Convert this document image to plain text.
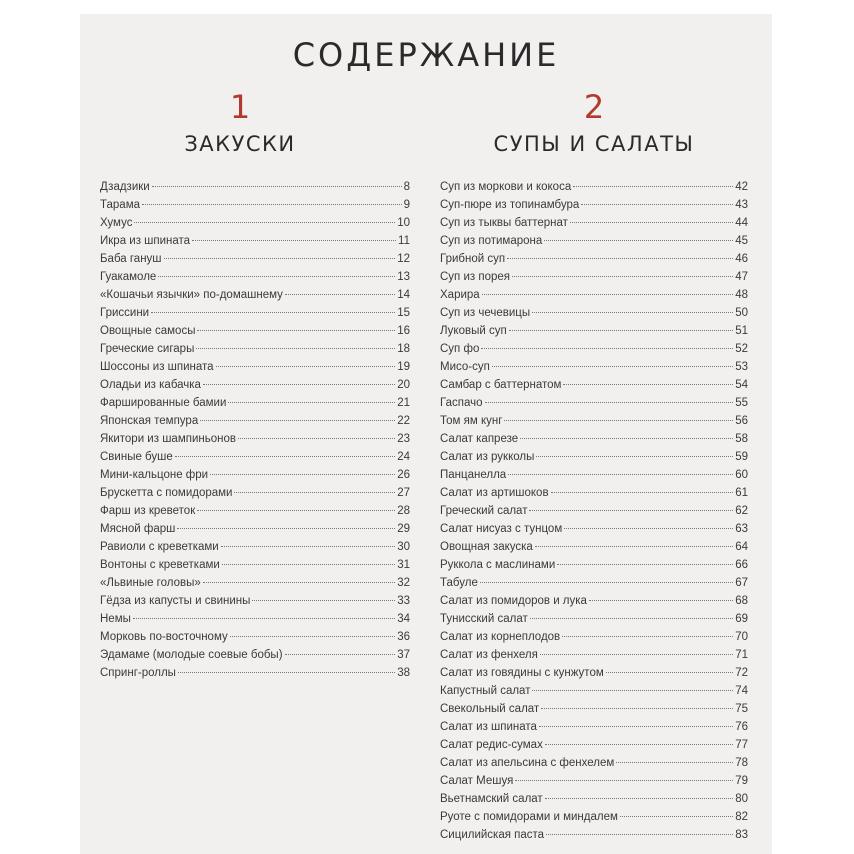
СОДЕРЖАНИЕ
1
ЗАКУСКИ
Дзадзики	8
Тарама	9
Хумус	10
Икра из шпината	11
Баба гануш	12
Гуакамоле	13
«Кошачьи язычки» по-домашнему	14
Гриссини	15
Овощные самосы	16
Греческие сигары	18
Шоссоны из шпината	19
Оладьи из кабачка	20
Фаршированные бамии	21
Японская темпура	22
Якитори из шампиньонов	23
Свиные буше	24
Мини-кальцоне фри	26
Брускетта с помидорами	27
Фарш из креветок	28
Мясной фарш	29
Равиоли с креветками	30
Вонтоны с креветками	31
«Львиные головы»	32
Гёдза из капусты и свинины	33
Немы	34
Морковь по-восточному	36
Эдамаме (молодые соевые бобы)	37
Спринг-роллы	38
2
СУПЫ И САЛАТЫ
Суп из моркови и кокоса	42
Суп-пюре из топинамбура	43
Суп из тыквы баттернат	44
Суп из потимарона	45
Грибной суп	46
Суп из порея	47
Харира	48
Суп из чечевицы	50
Луковый суп	51
Суп фо	52
Мисо-суп	53
Самбар с баттернатом	54
Гаспачо	55
Том ям кунг	56
Салат капрезе	58
Салат из рукколы	59
Панцанелла	60
Салат из артишоков	61
Греческий салат	62
Салат нисуаз с тунцом	63
Овощная закуска	64
Руккола с маслинами	66
Табуле	67
Салат из помидоров и лука	68
Тунисский салат	69
Салат из корнеплодов	70
Салат из фенхеля	71
Салат из говядины с кунжутом	72
Капустный салат	74
Свекольный салат	75
Салат из шпината	76
Салат редис-сумах	77
Салат из апельсина с фенхелем	78
Салат Мешуя	79
Вьетнамский салат	80
Руоте с помидорами и миндалем	82
Сицилийская паста	83
